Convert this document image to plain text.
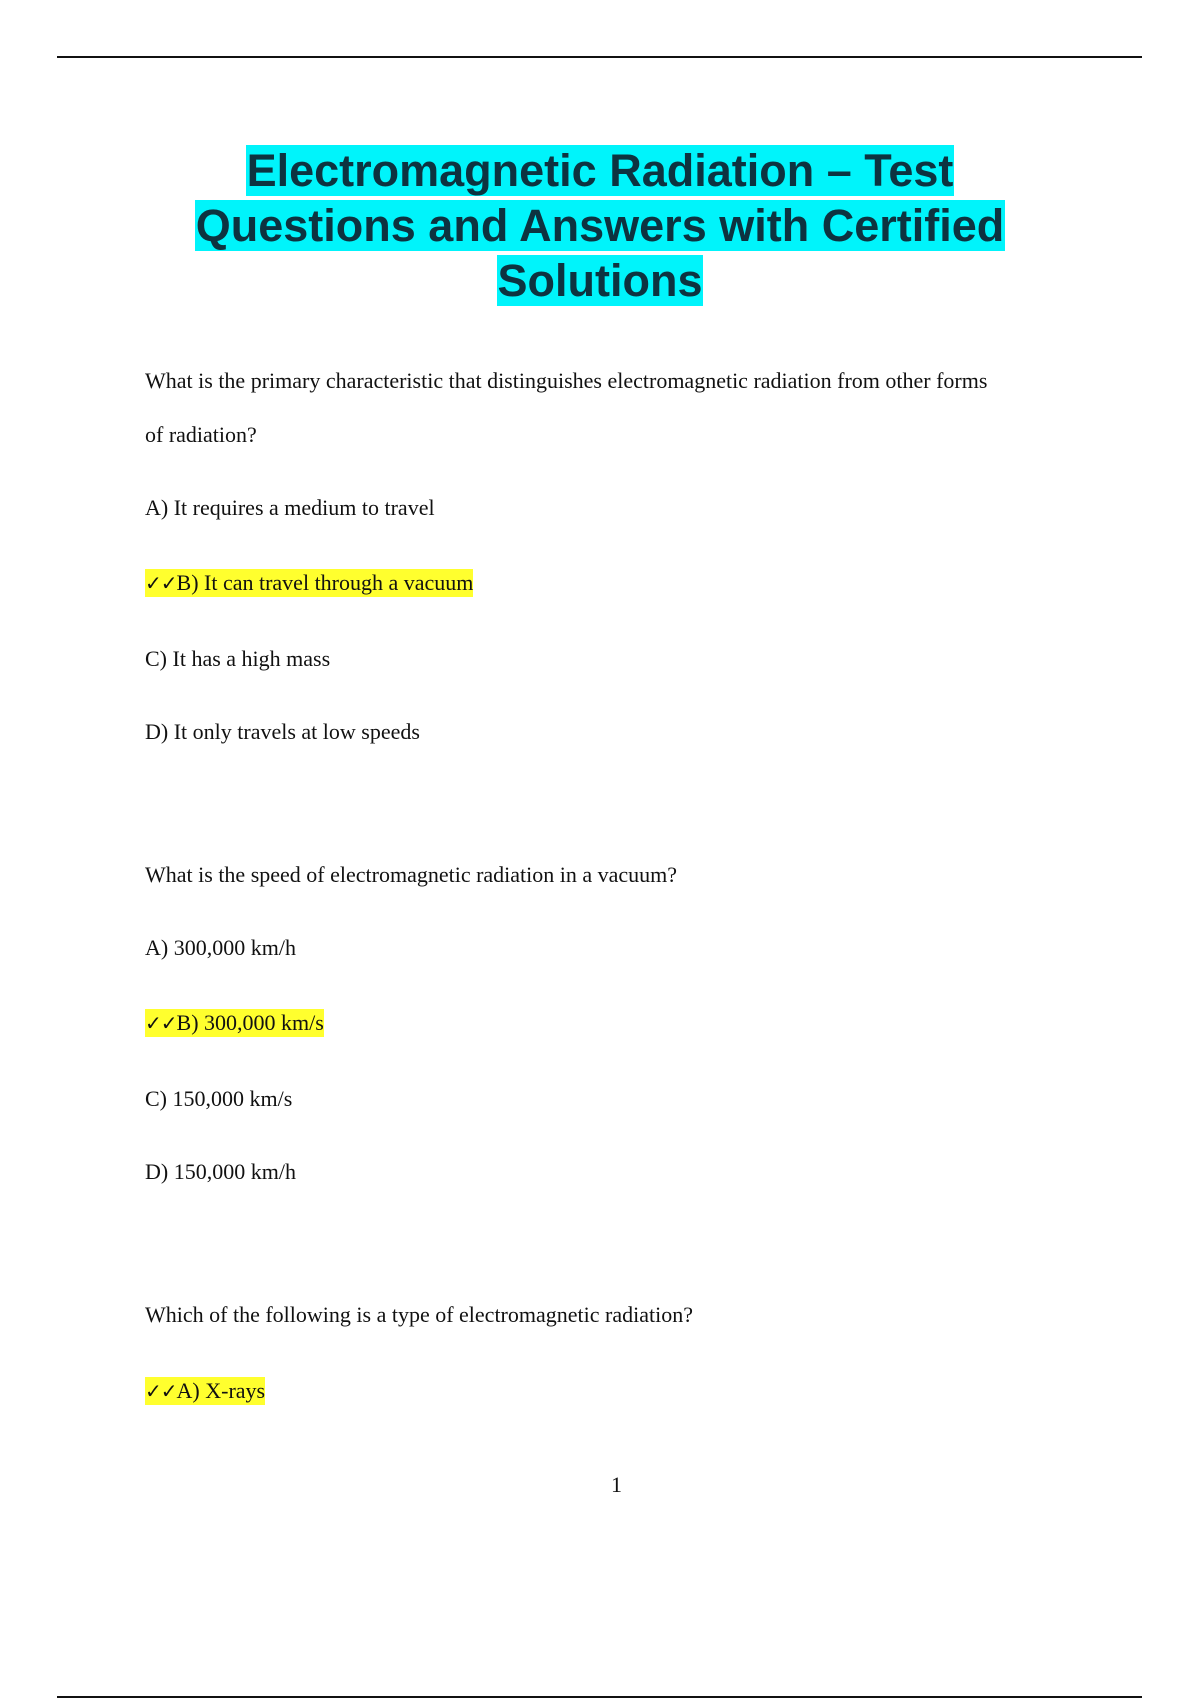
Electromagnetic Radiation – Test
Questions and Answers with Certified
Solutions
What is the primary characteristic that distinguishes electromagnetic radiation from other forms
of radiation?
A) It requires a medium to travel
✓✓B) It can travel through a vacuum
C) It has a high mass
D) It only travels at low speeds
What is the speed of electromagnetic radiation in a vacuum?
A) 300,000 km/h
✓✓B) 300,000 km/s
C) 150,000 km/s
D) 150,000 km/h
Which of the following is a type of electromagnetic radiation?
✓✓A) X-rays
1
